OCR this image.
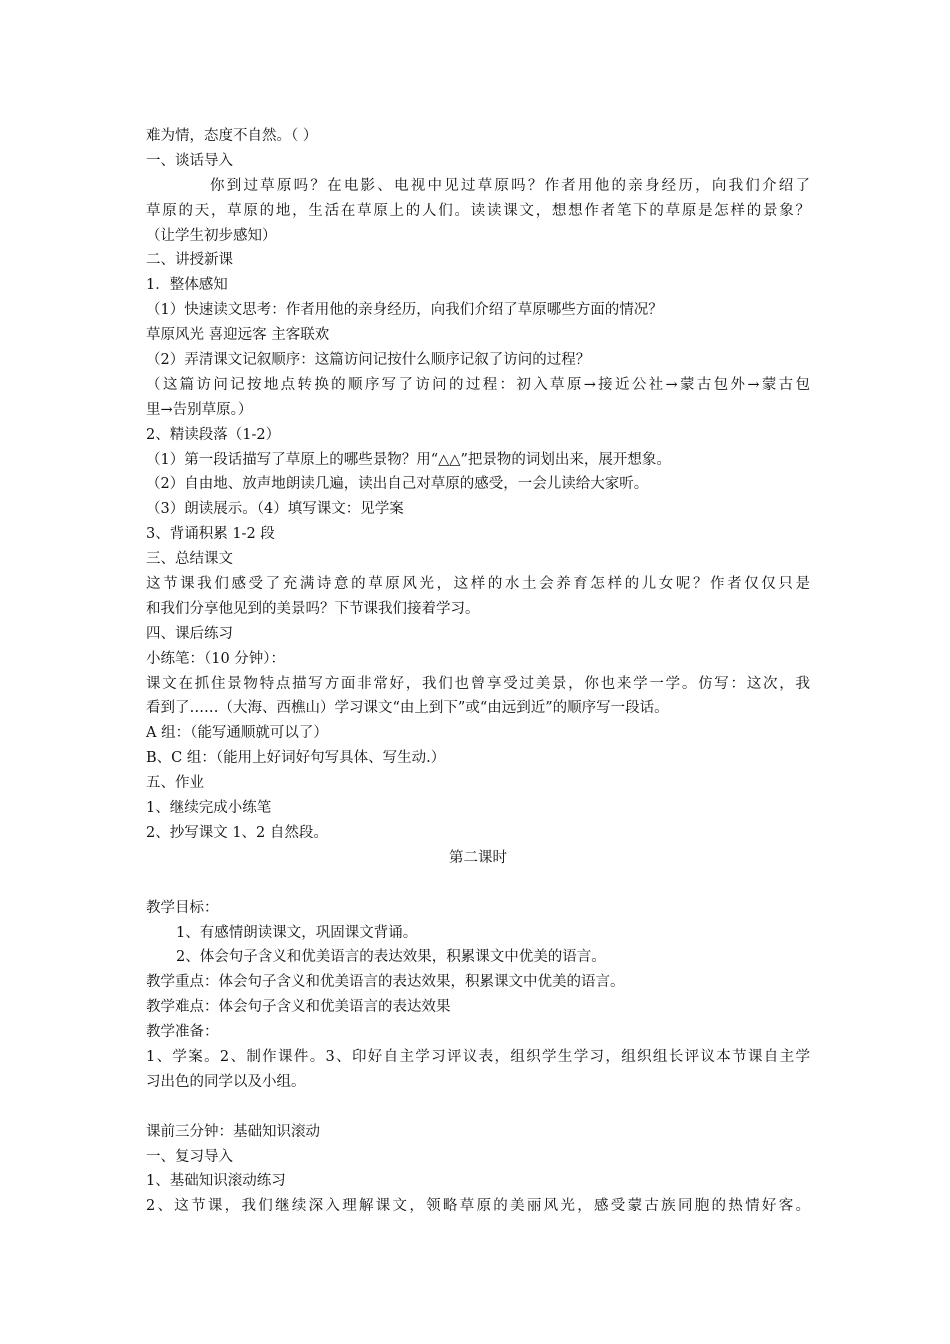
难为情，态度不自然。（ ）
一、谈话导入
你到过草原吗？在电影、电视中见过草原吗？作者用他的亲身经历，向我们介绍了
草原的天，草原的地，生活在草原上的人们。读读课文，想想作者笔下的草原是怎样的景象？
（让学生初步感知）
二、讲授新课
1．整体感知
（1）快速读文思考：作者用他的亲身经历，向我们介绍了草原哪些方面的情况？
草原风光 喜迎远客 主客联欢
（2）弄清课文记叙顺序：这篇访问记按什么顺序记叙了访问的过程？
（这篇访问记按地点转换的顺序写了访问的过程：初入草原→接近公社→蒙古包外→蒙古包
里→告别草原。）
2、精读段落（1-2）
（1）第一段话描写了草原上的哪些景物？用“△△”把景物的词划出来，展开想象。
（2）自由地、放声地朗读几遍，读出自己对草原的感受，一会儿读给大家听。
（3）朗读展示。（4）填写课文：见学案
3、背诵积累 1-2 段
三、总结课文
这节课我们感受了充满诗意的草原风光，这样的水土会养育怎样的儿女呢？作者仅仅只是
和我们分享他见到的美景吗？下节课我们接着学习。
四、课后练习
小练笔：（10 分钟）：
课文在抓住景物特点描写方面非常好，我们也曾享受过美景，你也来学一学。仿写：这次，我
看到了……（大海、西樵山）学习课文“由上到下”或“由远到近”的顺序写一段话。
A 组：（能写通顺就可以了）
B、C 组：（能用上好词好句写具体、写生动.）
五、作业
1、继续完成小练笔
2、抄写课文 1、2 自然段。
第二课时
教学目标：
1、有感情朗读课文，巩固课文背诵。
2、体会句子含义和优美语言的表达效果，积累课文中优美的语言。
教学重点：体会句子含义和优美语言的表达效果，积累课文中优美的语言。
教学难点：体会句子含义和优美语言的表达效果
教学准备：
1、学案。2、制作课件。3、印好自主学习评议表，组织学生学习，组织组长评议本节课自主学
习出色的同学以及小组。
课前三分钟：基础知识滚动
一、复习导入
1、基础知识滚动练习
2、这节课，我们继续深入理解课文，领略草原的美丽风光，感受蒙古族同胞的热情好客。
